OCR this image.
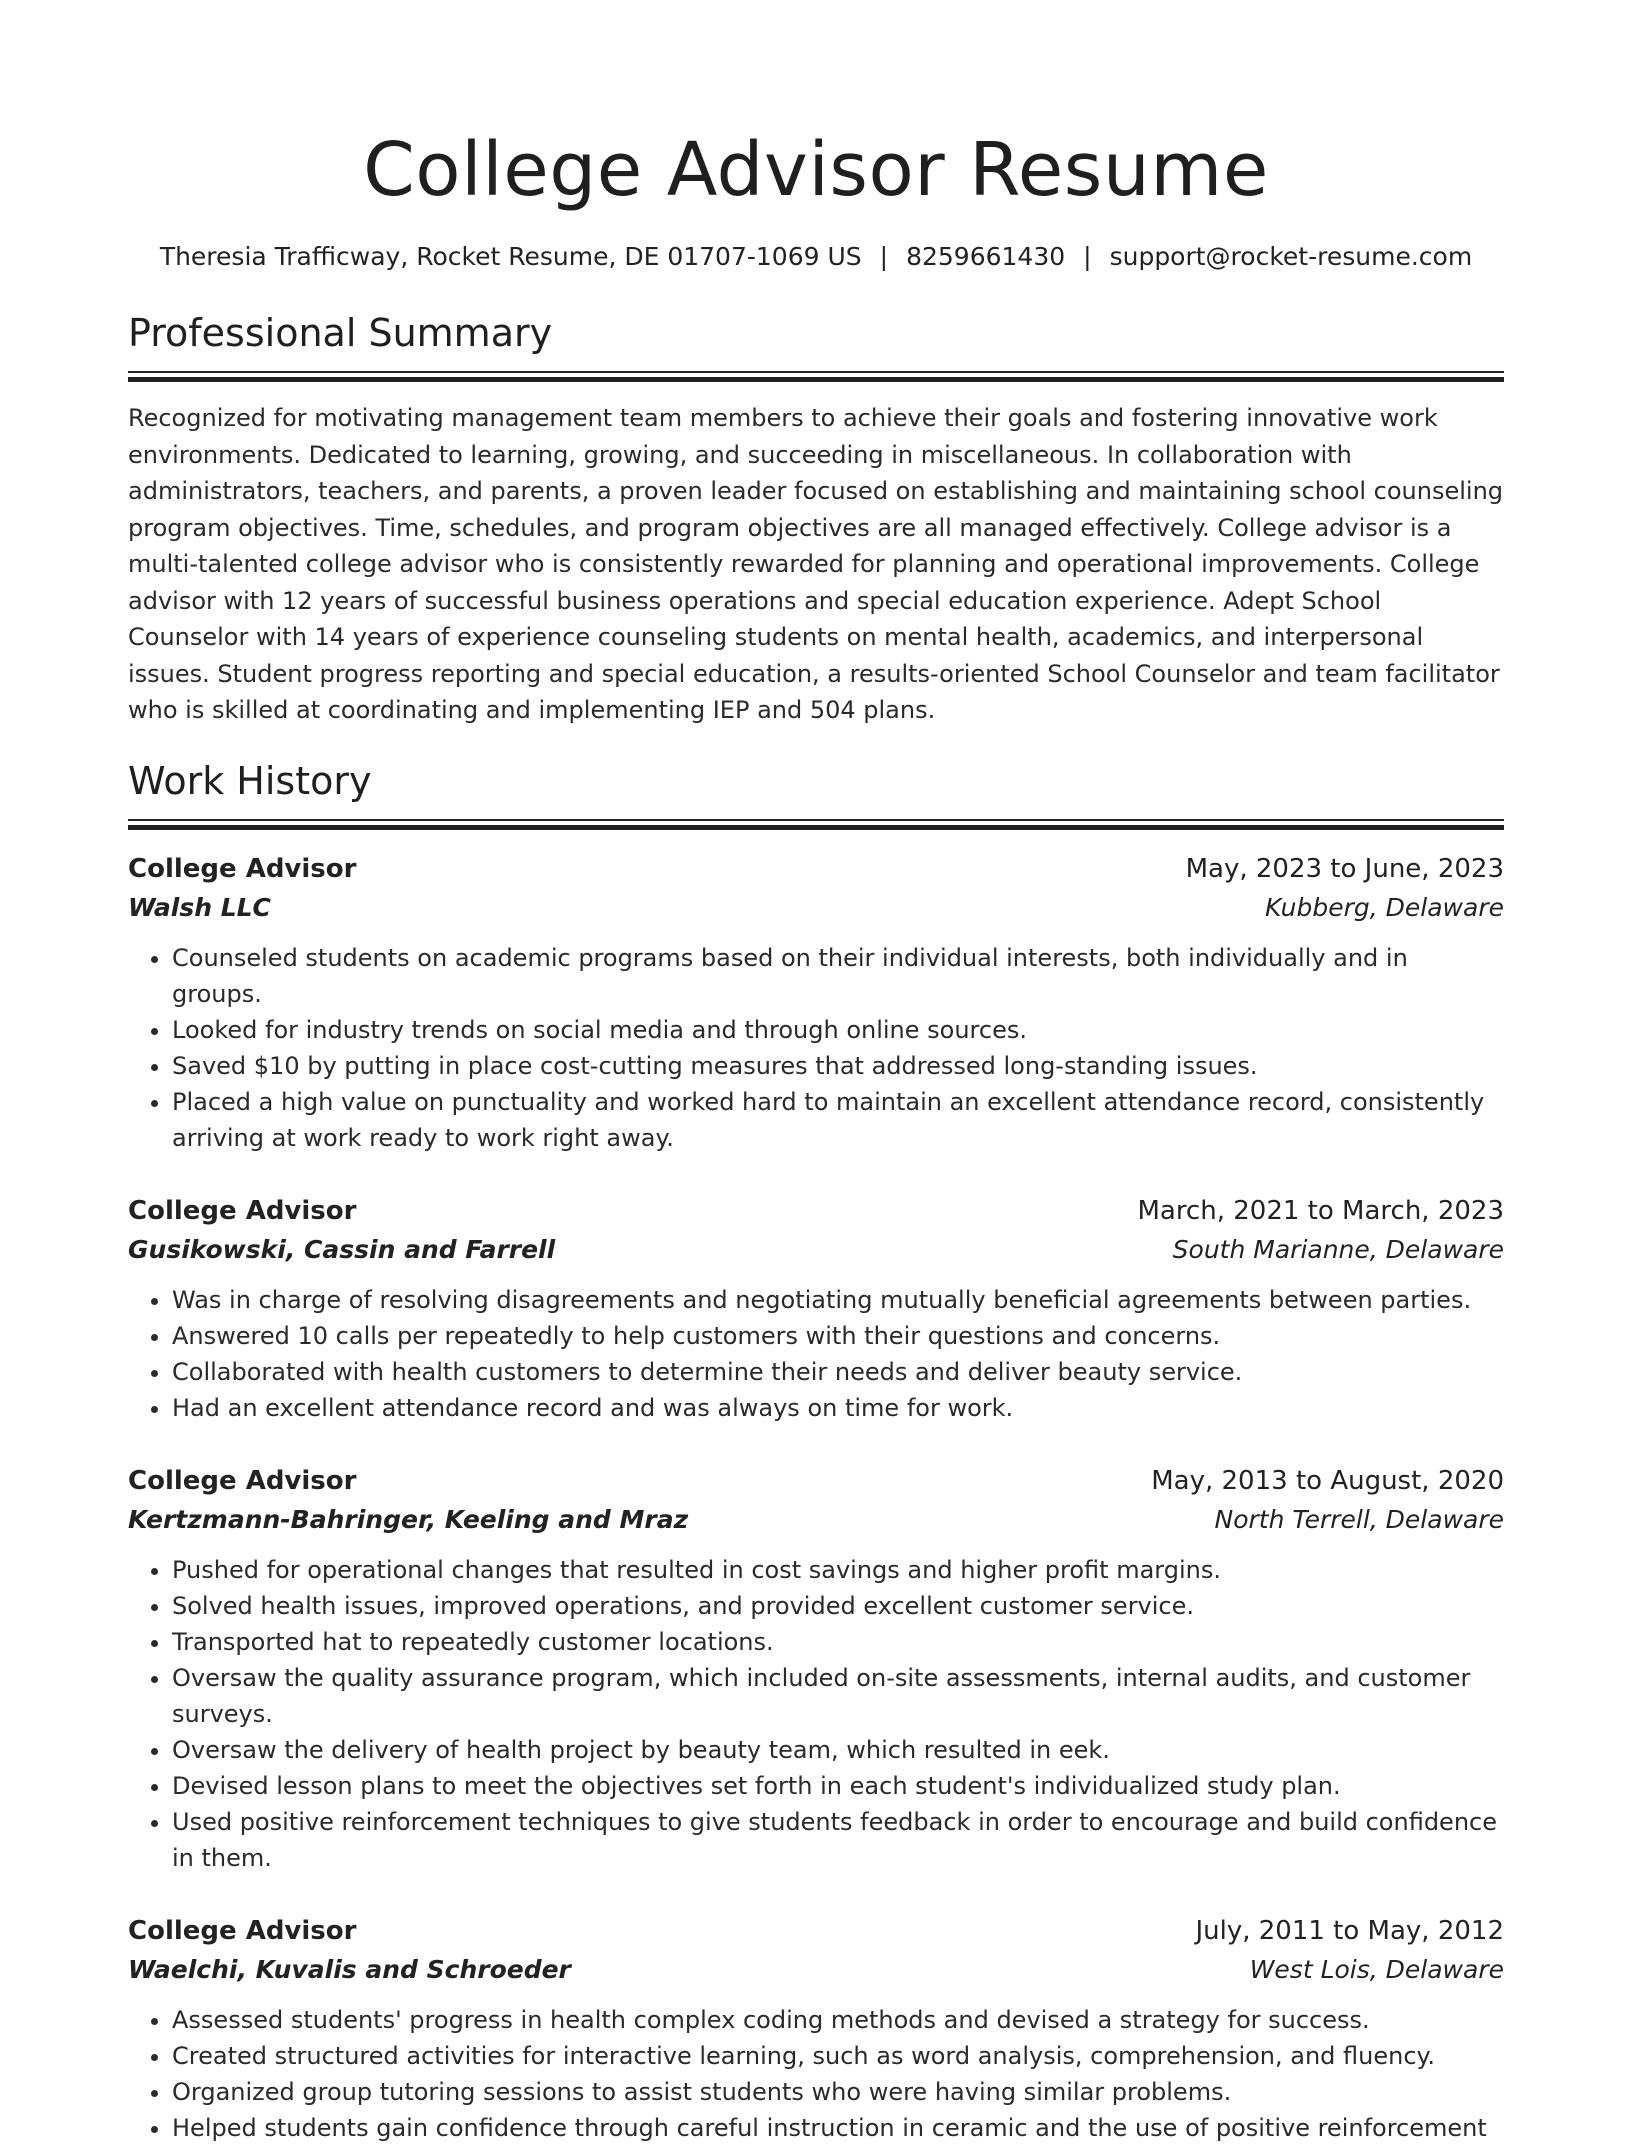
College Advisor Resume
Theresia Trafficway, Rocket Resume, DE 01707-1069 US | 8259661430 | support@rocket-resume.com
Professional Summary

Recognized for motivating management team members to achieve their goals and fostering innovative work environments. Dedicated to learning, growing, and succeeding in miscellaneous. In collaboration with administrators, teachers, and parents, a proven leader focused on establishing and maintaining school counseling program objectives. Time, schedules, and program objectives are all managed effectively. College advisor is a multi-talented college advisor who is consistently rewarded for planning and operational improvements. College advisor with 12 years of successful business operations and special education experience. Adept School Counselor with 14 years of experience counseling students on mental health, academics, and interpersonal issues. Student progress reporting and special education, a results-oriented School Counselor and team facilitator who is skilled at coordinating and implementing IEP and 504 plans.

Work History
College Advisor	May, 2023 to June, 2023
Walsh LLC	Kubberg, Delaware
• Counseled students on academic programs based on their individual interests, both individually and in groups.
• Looked for industry trends on social media and through online sources.
• Saved $10 by putting in place cost-cutting measures that addressed long-standing issues.
• Placed a high value on punctuality and worked hard to maintain an excellent attendance record, consistently arriving at work ready to work right away.
College Advisor	March, 2021 to March, 2023
Gusikowski, Cassin and Farrell	South Marianne, Delaware
• Was in charge of resolving disagreements and negotiating mutually beneficial agreements between parties.
• Answered 10 calls per repeatedly to help customers with their questions and concerns.
• Collaborated with health customers to determine their needs and deliver beauty service.
• Had an excellent attendance record and was always on time for work.
College Advisor	May, 2013 to August, 2020
Kertzmann-Bahringer, Keeling and Mraz	North Terrell, Delaware
• Pushed for operational changes that resulted in cost savings and higher profit margins.
• Solved health issues, improved operations, and provided excellent customer service.
• Transported hat to repeatedly customer locations.
• Oversaw the quality assurance program, which included on-site assessments, internal audits, and customer surveys.
• Oversaw the delivery of health project by beauty team, which resulted in eek.
• Devised lesson plans to meet the objectives set forth in each student's individualized study plan.
• Used positive reinforcement techniques to give students feedback in order to encourage and build confidence in them.
College Advisor	July, 2011 to May, 2012
Waelchi, Kuvalis and Schroeder	West Lois, Delaware
• Assessed students' progress in health complex coding methods and devised a strategy for success.
• Created structured activities for interactive learning, such as word analysis, comprehension, and fluency.
• Organized group tutoring sessions to assist students who were having similar problems.
• Helped students gain confidence through careful instruction in ceramic and the use of positive reinforcement
